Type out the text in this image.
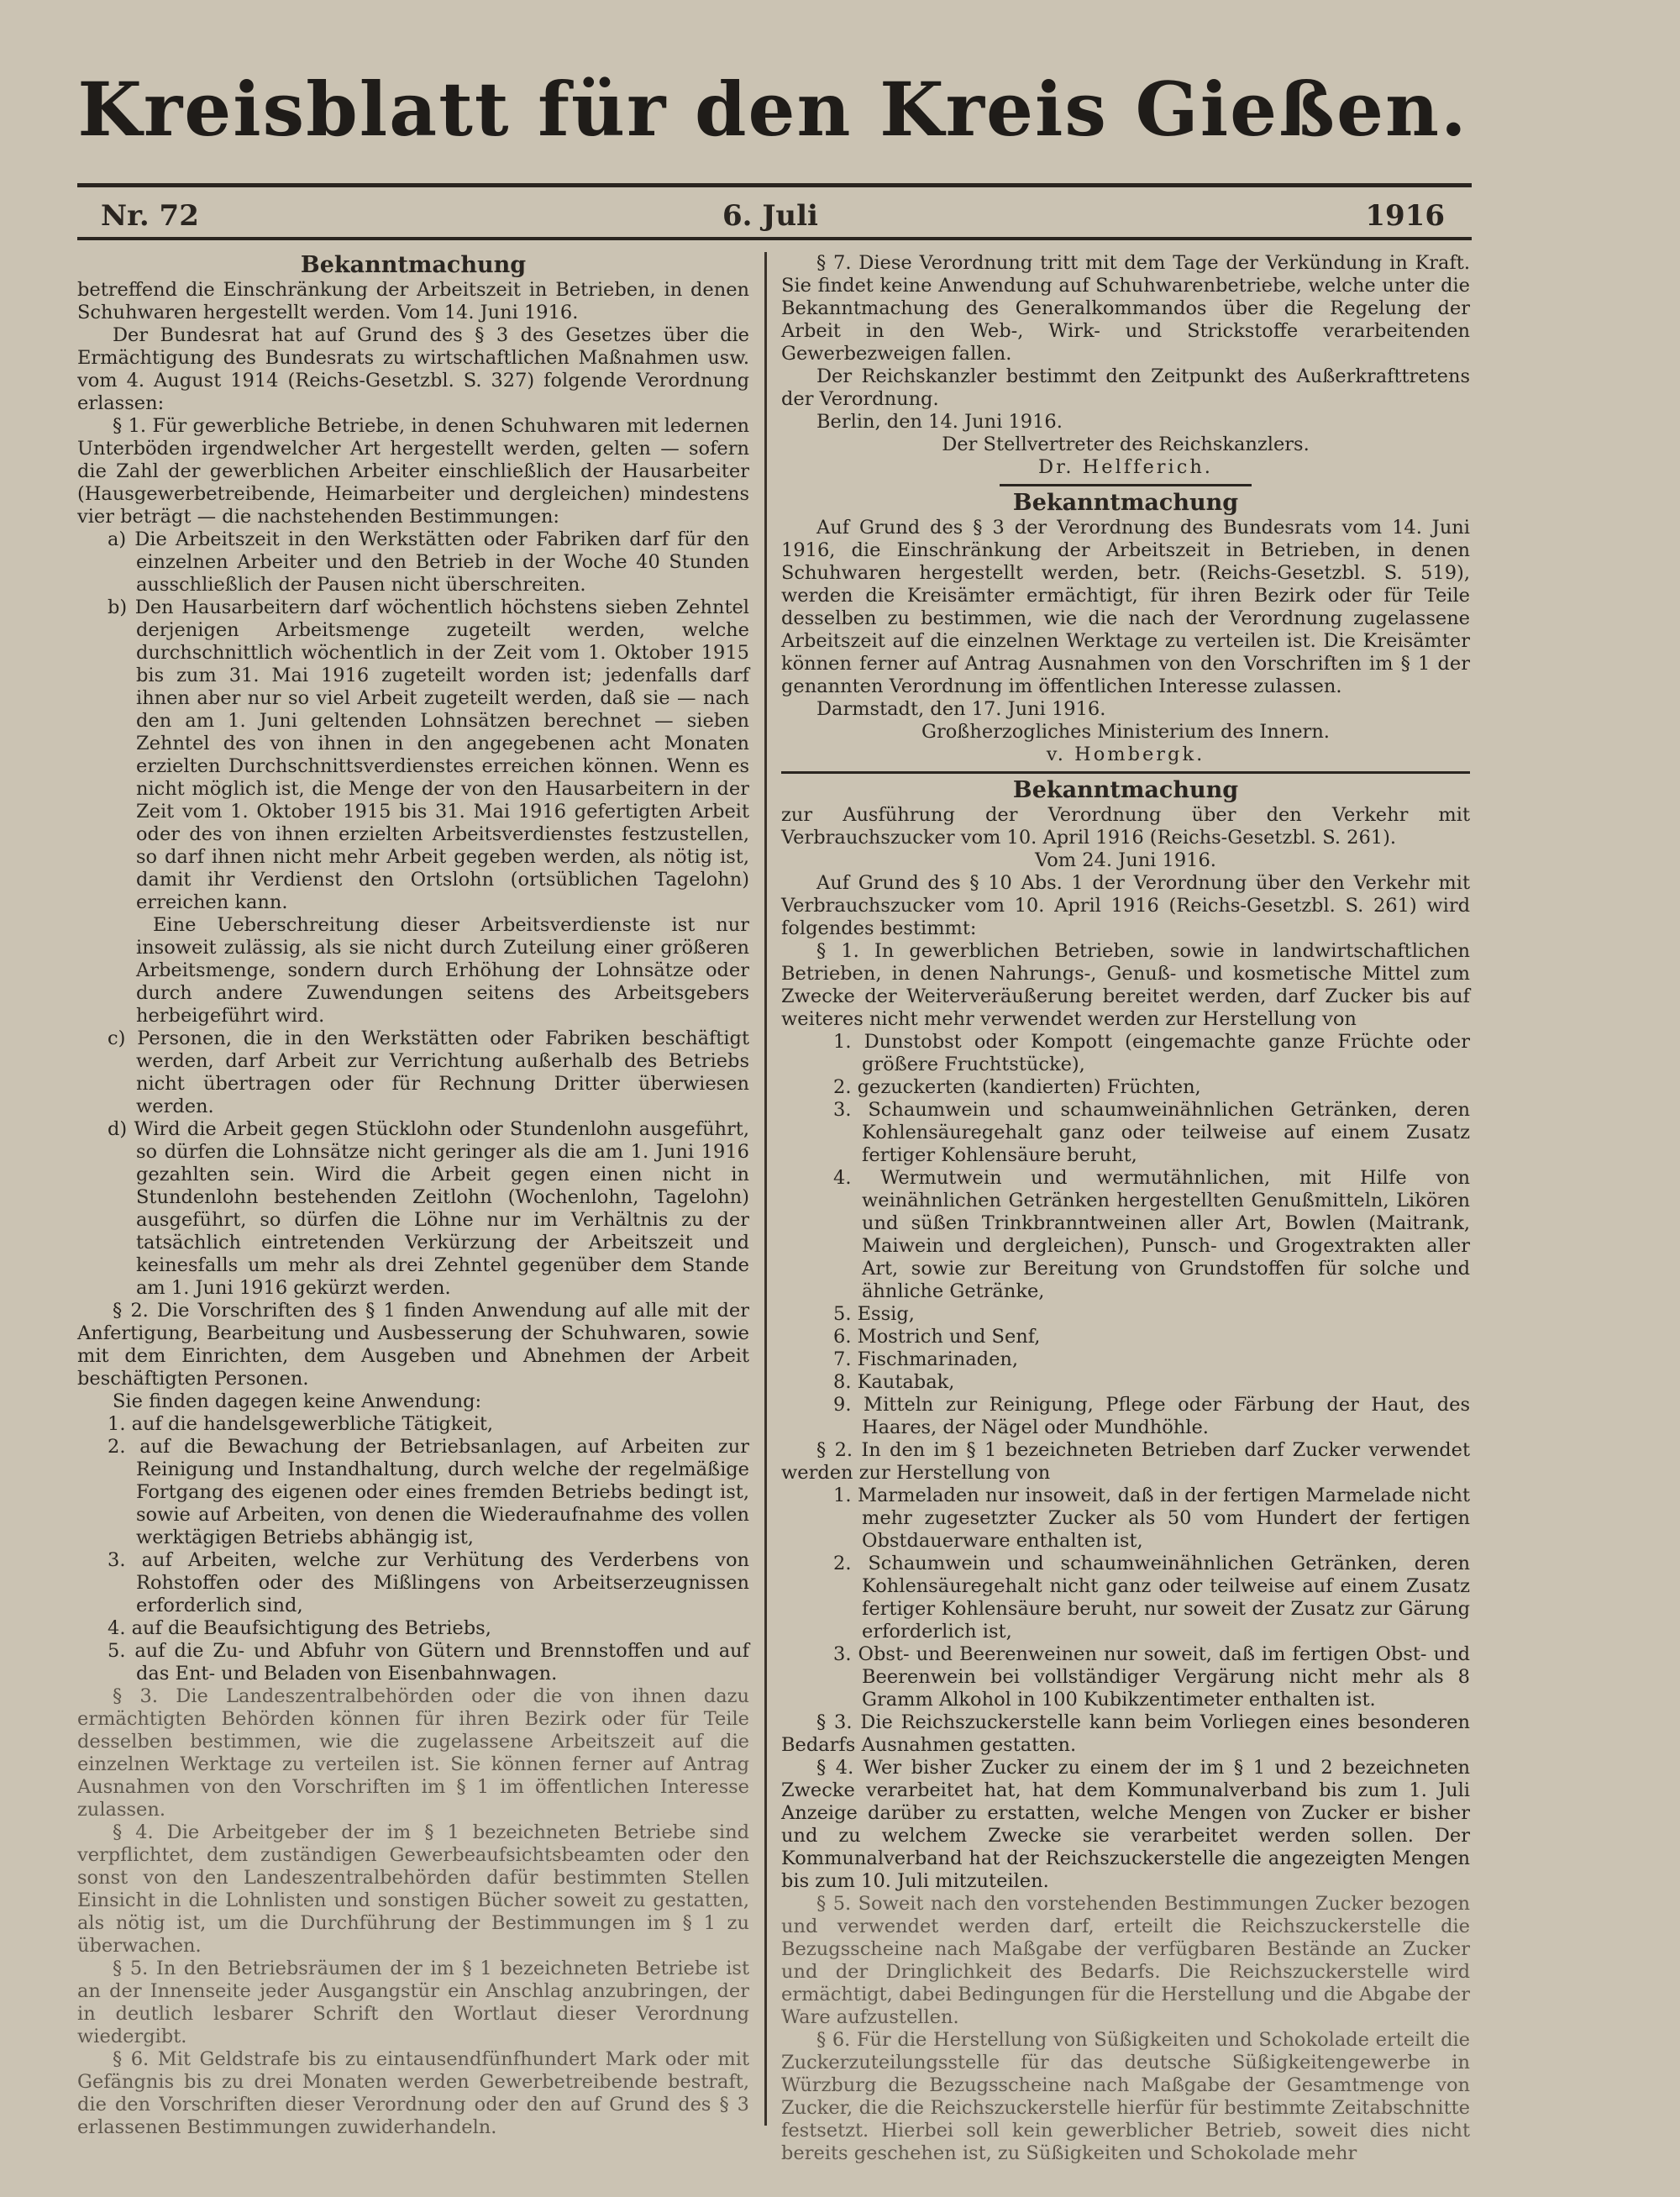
Kreisblatt für den Kreis Gießen.
Nr. 72	6. Juli	1916

Bekanntmachung

betreffend die Einschränkung der Arbeitszeit in Betrieben, in denen Schuhwaren hergestellt werden. Vom 14. Juni 1916.

Der Bundesrat hat auf Grund des § 3 des Gesetzes über die Ermächtigung des Bundesrats zu wirtschaftlichen Maßnahmen usw. vom 4. August 1914 (Reichs-Gesetzbl. S. 327) folgende Verordnung erlassen:

§ 1. Für gewerbliche Betriebe, in denen Schuhwaren mit ledernen Unterböden irgendwelcher Art hergestellt werden, gelten — sofern die Zahl der gewerblichen Arbeiter einschließlich der Hausarbeiter (Hausgewerbetreibende, Heimarbeiter und dergleichen) mindestens vier beträgt — die nachstehenden Bestimmungen:

a) Die Arbeitszeit in den Werkstätten oder Fabriken darf für den einzelnen Arbeiter und den Betrieb in der Woche 40 Stunden ausschließlich der Pausen nicht überschreiten.

b) Den Hausarbeitern darf wöchentlich höchstens sieben Zehntel derjenigen Arbeitsmenge zugeteilt werden, welche durchschnittlich wöchentlich in der Zeit vom 1. Oktober 1915 bis zum 31. Mai 1916 zugeteilt worden ist; jedenfalls darf ihnen aber nur so viel Arbeit zugeteilt werden, daß sie — nach den am 1. Juni geltenden Lohnsätzen berechnet — sieben Zehntel des von ihnen in den angegebenen acht Monaten erzielten Durchschnittsverdienstes erreichen können. Wenn es nicht möglich ist, die Menge der von den Hausarbeitern in der Zeit vom 1. Oktober 1915 bis 31. Mai 1916 gefertigten Arbeit oder des von ihnen erzielten Arbeitsverdienstes festzustellen, so darf ihnen nicht mehr Arbeit gegeben werden, als nötig ist, damit ihr Verdienst den Ortslohn (ortsüblichen Tagelohn) erreichen kann.

Eine Ueberschreitung dieser Arbeitsverdienste ist nur insoweit zulässig, als sie nicht durch Zuteilung einer größeren Arbeitsmenge, sondern durch Erhöhung der Lohnsätze oder durch andere Zuwendungen seitens des Arbeitsgebers herbeigeführt wird.

c) Personen, die in den Werkstätten oder Fabriken beschäftigt werden, darf Arbeit zur Verrichtung außerhalb des Betriebs nicht übertragen oder für Rechnung Dritter überwiesen werden.

d) Wird die Arbeit gegen Stücklohn oder Stundenlohn ausgeführt, so dürfen die Lohnsätze nicht geringer als die am 1. Juni 1916 gezahlten sein. Wird die Arbeit gegen einen nicht in Stundenlohn bestehenden Zeitlohn (Wochenlohn, Tagelohn) ausgeführt, so dürfen die Löhne nur im Verhältnis zu der tatsächlich eintretenden Verkürzung der Arbeitszeit und keinesfalls um mehr als drei Zehntel gegenüber dem Stande am 1. Juni 1916 gekürzt werden.

§ 2. Die Vorschriften des § 1 finden Anwendung auf alle mit der Anfertigung, Bearbeitung und Ausbesserung der Schuhwaren, sowie mit dem Einrichten, dem Ausgeben und Abnehmen der Arbeit beschäftigten Personen.

Sie finden dagegen keine Anwendung:

1. auf die handelsgewerbliche Tätigkeit,

2. auf die Bewachung der Betriebsanlagen, auf Arbeiten zur Reinigung und Instandhaltung, durch welche der regelmäßige Fortgang des eigenen oder eines fremden Betriebs bedingt ist, sowie auf Arbeiten, von denen die Wiederaufnahme des vollen werktägigen Betriebs abhängig ist,

3. auf Arbeiten, welche zur Verhütung des Verderbens von Rohstoffen oder des Mißlingens von Arbeitserzeugnissen erforderlich sind,

4. auf die Beaufsichtigung des Betriebs,

5. auf die Zu- und Abfuhr von Gütern und Brennstoffen und auf das Ent- und Beladen von Eisenbahnwagen.

§ 3. Die Landeszentralbehörden oder die von ihnen dazu ermächtigten Behörden können für ihren Bezirk oder für Teile desselben bestimmen, wie die zugelassene Arbeitszeit auf die einzelnen Werktage zu verteilen ist. Sie können ferner auf Antrag Ausnahmen von den Vorschriften im § 1 im öffentlichen Interesse zulassen.

§ 4. Die Arbeitgeber der im § 1 bezeichneten Betriebe sind verpflichtet, dem zuständigen Gewerbeaufsichtsbeamten oder den sonst von den Landeszentralbehörden dafür bestimmten Stellen Einsicht in die Lohnlisten und sonstigen Bücher soweit zu gestatten, als nötig ist, um die Durchführung der Bestimmungen im § 1 zu überwachen.

§ 5. In den Betriebsräumen der im § 1 bezeichneten Betriebe ist an der Innenseite jeder Ausgangstür ein Anschlag anzubringen, der in deutlich lesbarer Schrift den Wortlaut dieser Verordnung wiedergibt.

§ 6. Mit Geldstrafe bis zu eintausendfünfhundert Mark oder mit Gefängnis bis zu drei Monaten werden Gewerbetreibende bestraft, die den Vorschriften dieser Verordnung oder den auf Grund des § 3 erlassenen Bestimmungen zuwiderhandeln.

§ 7. Diese Verordnung tritt mit dem Tage der Verkündung in Kraft. Sie findet keine Anwendung auf Schuhwarenbetriebe, welche unter die Bekanntmachung des Generalkommandos über die Regelung der Arbeit in den Web-, Wirk- und Strickstoffe verarbeitenden Gewerbezweigen fallen.

Der Reichskanzler bestimmt den Zeitpunkt des Außerkrafttretens der Verordnung.

Berlin, den 14. Juni 1916.

Der Stellvertreter des Reichskanzlers.

Dr. Helfferich.

Bekanntmachung

Auf Grund des § 3 der Verordnung des Bundesrats vom 14. Juni 1916, die Einschränkung der Arbeitszeit in Betrieben, in denen Schuhwaren hergestellt werden, betr. (Reichs-Gesetzbl. S. 519), werden die Kreisämter ermächtigt, für ihren Bezirk oder für Teile desselben zu bestimmen, wie die nach der Verordnung zugelassene Arbeitszeit auf die einzelnen Werktage zu verteilen ist. Die Kreisämter können ferner auf Antrag Ausnahmen von den Vorschriften im § 1 der genannten Verordnung im öffentlichen Interesse zulassen.

Darmstadt, den 17. Juni 1916.

Großherzogliches Ministerium des Innern.

v. Hombergk.

Bekanntmachung

zur Ausführung der Verordnung über den Verkehr mit Verbrauchszucker vom 10. April 1916 (Reichs-Gesetzbl. S. 261).

Vom 24. Juni 1916.

Auf Grund des § 10 Abs. 1 der Verordnung über den Verkehr mit Verbrauchszucker vom 10. April 1916 (Reichs-Gesetzbl. S. 261) wird folgendes bestimmt:

§ 1. In gewerblichen Betrieben, sowie in landwirtschaftlichen Betrieben, in denen Nahrungs-, Genuß- und kosmetische Mittel zum Zwecke der Weiterveräußerung bereitet werden, darf Zucker bis auf weiteres nicht mehr verwendet werden zur Herstellung von

1. Dunstobst oder Kompott (eingemachte ganze Früchte oder größere Fruchtstücke),

2. gezuckerten (kandierten) Früchten,

3. Schaumwein und schaumweinähnlichen Getränken, deren Kohlensäuregehalt ganz oder teilweise auf einem Zusatz fertiger Kohlensäure beruht,

4. Wermutwein und wermutähnlichen, mit Hilfe von weinähnlichen Getränken hergestellten Genußmitteln, Likören und süßen Trinkbranntweinen aller Art, Bowlen (Maitrank, Maiwein und dergleichen), Punsch- und Grogextrakten aller Art, sowie zur Bereitung von Grundstoffen für solche und ähnliche Getränke,

5. Essig,

6. Mostrich und Senf,

7. Fischmarinaden,

8. Kautabak,

9. Mitteln zur Reinigung, Pflege oder Färbung der Haut, des Haares, der Nägel oder Mundhöhle.

§ 2. In den im § 1 bezeichneten Betrieben darf Zucker verwendet werden zur Herstellung von

1. Marmeladen nur insoweit, daß in der fertigen Marmelade nicht mehr zugesetzter Zucker als 50 vom Hundert der fertigen Obstdauerware enthalten ist,

2. Schaumwein und schaumweinähnlichen Getränken, deren Kohlensäuregehalt nicht ganz oder teilweise auf einem Zusatz fertiger Kohlensäure beruht, nur soweit der Zusatz zur Gärung erforderlich ist,

3. Obst- und Beerenweinen nur soweit, daß im fertigen Obst- und Beerenwein bei vollständiger Vergärung nicht mehr als 8 Gramm Alkohol in 100 Kubikzentimeter enthalten ist.

§ 3. Die Reichszuckerstelle kann beim Vorliegen eines besonderen Bedarfs Ausnahmen gestatten.

§ 4. Wer bisher Zucker zu einem der im § 1 und 2 bezeichneten Zwecke verarbeitet hat, hat dem Kommunalverband bis zum 1. Juli Anzeige darüber zu erstatten, welche Mengen von Zucker er bisher und zu welchem Zwecke sie verarbeitet werden sollen. Der Kommunalverband hat der Reichszuckerstelle die angezeigten Mengen bis zum 10. Juli mitzuteilen.

§ 5. Soweit nach den vorstehenden Bestimmungen Zucker bezogen und verwendet werden darf, erteilt die Reichszuckerstelle die Bezugsscheine nach Maßgabe der verfügbaren Bestände an Zucker und der Dringlichkeit des Bedarfs. Die Reichszuckerstelle wird ermächtigt, dabei Bedingungen für die Herstellung und die Abgabe der Ware aufzustellen.

§ 6. Für die Herstellung von Süßigkeiten und Schokolade erteilt die Zuckerzuteilungsstelle für das deutsche Süßigkeitengewerbe in Würzburg die Bezugsscheine nach Maßgabe der Gesamtmenge von Zucker, die die Reichszuckerstelle hierfür für bestimmte Zeitabschnitte festsetzt. Hierbei soll kein gewerblicher Betrieb, soweit dies nicht bereits geschehen ist, zu Süßigkeiten und Schokolade mehr
